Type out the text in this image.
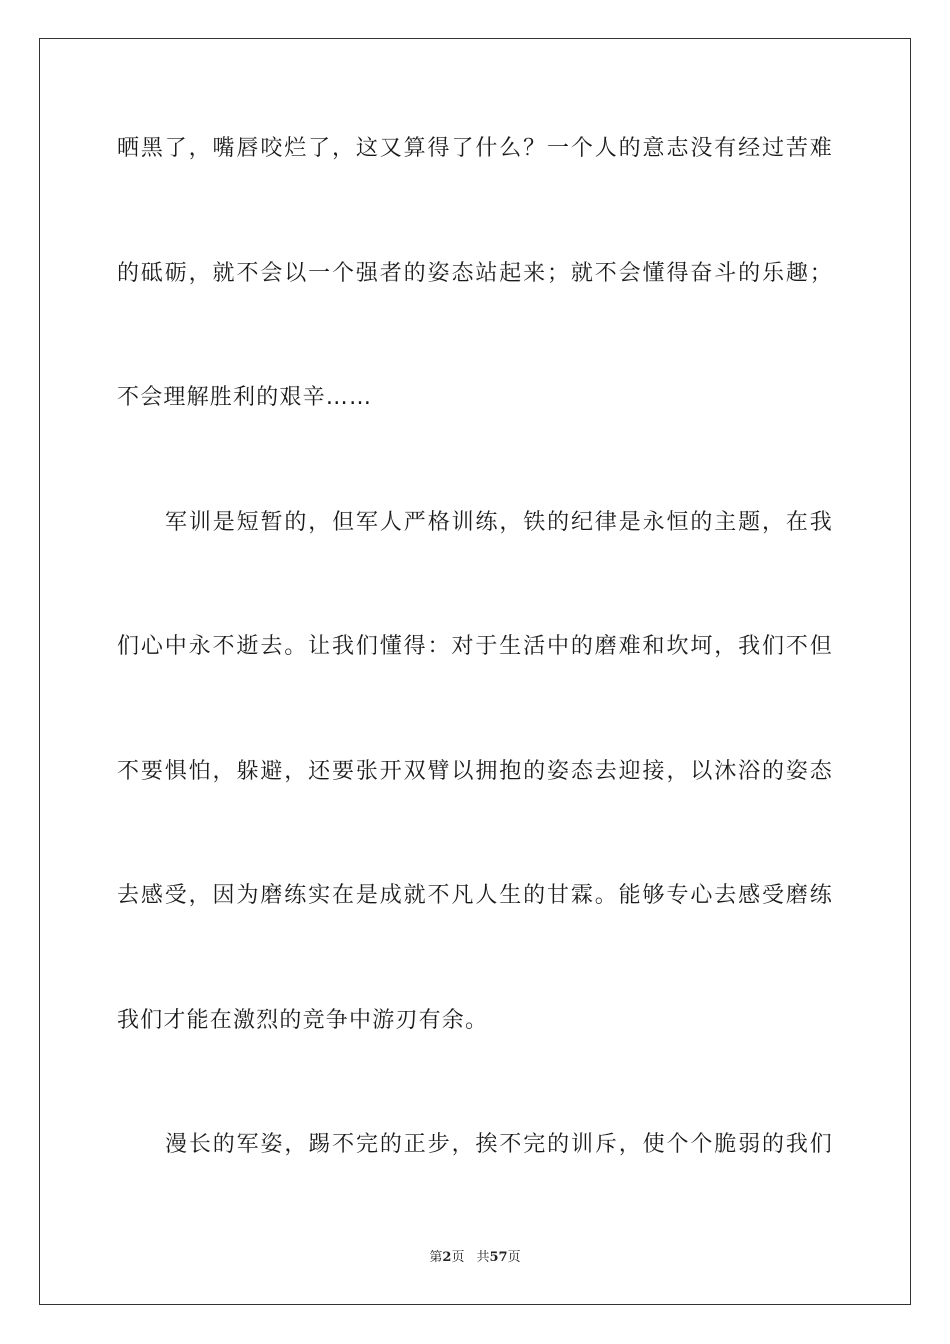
晒黑了，嘴唇咬烂了，这又算得了什么？一个人的意志没有经过苦难
的砥砺，就不会以一个强者的姿态站起来；就不会懂得奋斗的乐趣；
不会理解胜利的艰辛……
军训是短暂的，但军人严格训练，铁的纪律是永恒的主题，在我
们心中永不逝去。让我们懂得：对于生活中的磨难和坎坷，我们不但
不要惧怕，躲避，还要张开双臂以拥抱的姿态去迎接，以沐浴的姿态
去感受，因为磨练实在是成就不凡人生的甘霖。能够专心去感受磨练
我们才能在激烈的竞争中游刃有余。
漫长的军姿，踢不完的正步，挨不完的训斥，使个个脆弱的我们
第2页 共57页
